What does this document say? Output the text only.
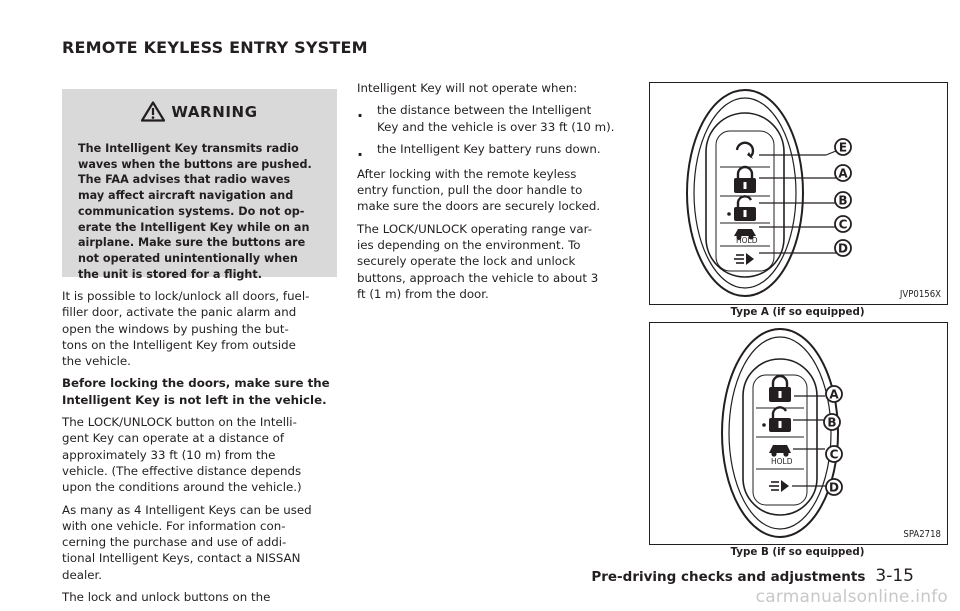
REMOTE KEYLESS ENTRY SYSTEM
WARNING

The Intelligent Key transmits radio
waves when the buttons are pushed.
The FAA advises that radio waves
may affect aircraft navigation and
communication systems. Do not op-
erate the Intelligent Key while on an
airplane. Make sure the buttons are
not operated unintentionally when
the unit is stored for a flight.

It is possible to lock/unlock all doors, fuel-
filler door, activate the panic alarm and
open the windows by pushing the but-
tons on the Intelligent Key from outside
the vehicle.

Before locking the doors, make sure the
Intelligent Key is not left in the vehicle.

The LOCK/UNLOCK button on the Intelli-
gent Key can operate at a distance of
approximately 33 ft (10 m) from the
vehicle. (The effective distance depends
upon the conditions around the vehicle.)

As many as 4 Intelligent Keys can be used
with one vehicle. For information con-
cerning the purchase and use of addi-
tional Intelligent Keys, contact a NISSAN
dealer.

The lock and unlock buttons on the

Intelligent Key will not operate when:

.	the distance between the Intelligent
Key and the vehicle is over 33 ft (10 m).

.	the Intelligent Key battery runs down.

After locking with the remote keyless
entry function, pull the door handle to
make sure the doors are securely locked.

The LOCK/UNLOCK operating range var-
ies depending on the environment. To
securely operate the lock and unlock
buttons, approach the vehicle to about 3
ft (1 m) from the door.

HOLD
E
A
B
C
D
JVP0156X
Type A (if so equipped)
HOLD
A
B
C
D
SPA2718
Type B (if so equipped)
Pre-driving checks and adjustments 3-15
carmanualsonline.info
